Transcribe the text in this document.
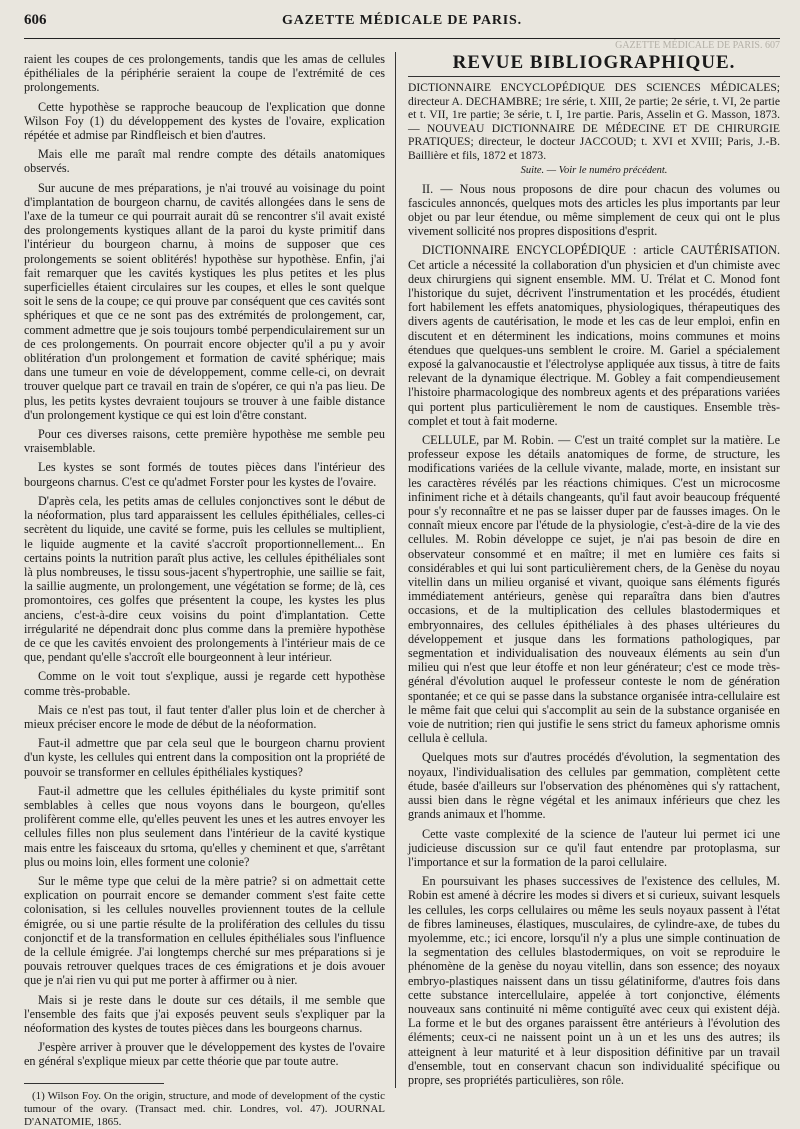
606	GAZETTE MÉDICALE DE PARIS.
GAZETTE MÉDICALE DE PARIS. 607

raient les coupes de ces prolongements, tandis que les amas de cellules épithéliales de la périphérie seraient la coupe de l'extrémité de ces prolongements.

Cette hypothèse se rapproche beaucoup de l'explication que donne Wilson Foy (1) du développement des kystes de l'ovaire, explication répétée et admise par Rindfleisch et bien d'autres.

Mais elle me paraît mal rendre compte des détails anatomiques observés.

Sur aucune de mes préparations, je n'ai trouvé au voisinage du point d'implantation de bourgeon charnu, de cavités allongées dans le sens de l'axe de la tumeur ce qui pourrait aurait dû se rencontrer s'il avait existé des prolongements kystiques allant de la paroi du kyste primitif dans l'intérieur du bourgeon charnu, à moins de supposer que ces prolongements se soient oblitérés! hypothèse sur hypothèse. Enfin, j'ai fait remarquer que les cavités kystiques les plus petites et les plus superficielles étaient circulaires sur les coupes, et elles le sont quelque soit le sens de la coupe; ce qui prouve par conséquent que ces cavités sont sphériques et que ce ne sont pas des extrémités de prolongement, car, comment admettre que je sois toujours tombé perpendiculairement sur un de ces prolongements. On pourrait encore objecter qu'il a pu y avoir oblitération d'un prolongement et formation de cavité sphérique; mais dans une tumeur en voie de développement, comme celle-ci, on devrait trouver quelque part ce travail en train de s'opérer, ce qui n'a pas lieu. De plus, les petits kystes devraient toujours se trouver à une faible distance d'un prolongement kystique ce qui est loin d'être constant.

Pour ces diverses raisons, cette première hypothèse me semble peu vraisemblable.

Les kystes se sont formés de toutes pièces dans l'intérieur des bourgeons charnus. C'est ce qu'admet Forster pour les kystes de l'ovaire.

D'après cela, les petits amas de cellules conjonctives sont le début de la néoformation, plus tard apparaissent les cellules épithéliales, celles-ci secrètent du liquide, une cavité se forme, puis les cellules se multiplient, le liquide augmente et la cavité s'accroît proportionnellement... En certains points la nutrition paraît plus active, les cellules épithéliales sont là plus nombreuses, le tissu sous-jacent s'hypertrophie, une saillie se fait, la saillie augmente, un prolongement, une végétation se forme; de là, ces promontoires, ces golfes que présentent la coupe, les kystes les plus anciens, c'est-à-dire ceux voisins du point d'implantation. Cette irrégularité ne dépendrait donc plus comme dans la première hypothèse de ce que les cavités envoient des prolongements à l'intérieur mais de ce que, pendant qu'elle s'accroît elle bourgeonnent à leur intérieur.

Comme on le voit tout s'explique, aussi je regarde cett hypothèse comme très-probable.

Mais ce n'est pas tout, il faut tenter d'aller plus loin et de chercher à mieux préciser encore le mode de début de la néoformation.

Faut-il admettre que par cela seul que le bourgeon charnu provient d'un kyste, les cellules qui entrent dans la composition ont la propriété de pouvoir se transformer en cellules épithéliales kystiques?

Faut-il admettre que les cellules épithéliales du kyste primitif sont semblables à celles que nous voyons dans le bourgeon, qu'elles prolifèrent comme elle, qu'elles peuvent les unes et les autres envoyer les cellules filles non plus seulement dans l'intérieur de la cavité kystique mais entre les faisceaux du srtoma, qu'elles y cheminent et que, s'arrêtant plus ou moins loin, elles forment une colonie?

Sur le même type que celui de la mère patrie? si on admettait cette explication on pourrait encore se demander comment s'est faite cette colonisation, si les cellules nouvelles proviennent toutes de la cellule émigrée, ou si une partie résulte de la prolifération des cellules du tissu conjonctif et de la transformation en cellules épithéliales sous l'influence de la cellule émigrée. J'ai longtemps cherché sur mes préparations si je pouvais retrouver quelques traces de ces émigrations et je dois avouer que je n'ai rien vu qui put me porter à affirmer ou à nier.

Mais si je reste dans le doute sur ces détails, il me semble que l'ensemble des faits que j'ai exposés peuvent seuls s'expliquer par la néoformation des kystes de toutes pièces dans les bourgeons charnus.

J'espère arriver à prouver que le développement des kystes de l'ovaire en général s'explique mieux par cette théorie que par toute autre.

(1) Wilson Foy. On the origin, structure, and mode of development of the cystic tumour of the ovary. (Transact med. chir. Londres, vol. 47). JOURNAL D'ANATOMIE, 1865.

REVUE BIBLIOGRAPHIQUE.

DICTIONNAIRE ENCYCLOPÉDIQUE DES SCIENCES MÉDICALES; directeur A. DECHAMBRE; 1re série, t. XIII, 2e partie; 2e série, t. VI, 2e partie et t. VII, 1re partie; 3e série, t. I, 1re partie. Paris, Asselin et G. Masson, 1873. — NOUVEAU DICTIONNAIRE DE MÉDECINE ET DE CHIRURGIE PRATIQUES; directeur, le docteur JACCOUD; t. XVI et XVIII; Paris, J.-B. Baillière et fils, 1872 et 1873.

Suite. — Voir le numéro précédent.

II. — Nous nous proposons de dire pour chacun des volumes ou fascicules annoncés, quelques mots des articles les plus importants par leur objet ou par leur étendue, ou même simplement de ceux qui ont le plus vivement sollicité nos propres dispositions d'esprit.

DICTIONNAIRE ENCYCLOPÉDIQUE : article CAUTÉRISATION. Cet article a nécessité la collaboration d'un physicien et d'un chimiste avec deux chirurgiens qui signent ensemble. MM. U. Trélat et C. Monod font l'historique du sujet, décrivent l'instrumentation et les procédés, étudient fort habilement les effets anatomiques, physiologiques, thérapeutiques des divers agents de cautérisation, le mode et les cas de leur emploi, enfin en discutent et en déterminent les indications, moins communes et moins étendues que quelques-uns semblent le croire. M. Gariel a spécialement exposé la galvanocaustie et l'électrolyse appliquée aux tissus, à titre de faits relevant de la dynamique électrique. M. Gobley a fait compendieusement l'histoire pharmacologique des nombreux agents et des préparations variées qui portent plus particulièrement le nom de caustiques. Ensemble très-complet et tout à fait moderne.

CELLULE, par M. Robin. — C'est un traité complet sur la matière. Le professeur expose les détails anatomiques de forme, de structure, les modifications variées de la cellule vivante, malade, morte, en insistant sur les caractères révélés par les réactions chimiques. C'est un microcosme infiniment riche et à détails changeants, qu'il faut avoir beaucoup fréquenté pour s'y reconnaître et ne pas se laisser duper par de fausses images. On le connaît mieux encore par l'étude de la physiologie, c'est-à-dire de la vie des cellules. M. Robin développe ce sujet, je n'ai pas besoin de dire en observateur consommé et en maître; il met en lumière ces faits si considérables et qui lui sont particulièrement chers, de la Genèse du noyau vitellin dans un milieu organisé et vivant, quoique sans éléments figurés immédiatement antérieurs, genèse qui reparaîtra dans bien d'autres occasions, et de la multiplication des cellules blastodermiques et embryonnaires, des cellules épithéliales à des phases ultérieures du développement et jusque dans les formations pathologiques, par segmentation et individualisation des nouveaux éléments au sein d'un milieu qui n'est que leur étoffe et non leur générateur; c'est ce mode très-général d'évolution auquel le professeur conteste le nom de génération spontanée; et ce qui se passe dans la substance organisée intra-cellulaire est le même fait que celui qui s'accomplit au sein de la substance organisée en voie de nutrition; rien qui justifie le sens strict du fameux aphorisme omnis cellula è cellula.

Quelques mots sur d'autres procédés d'évolution, la segmentation des noyaux, l'individualisation des cellules par gemmation, complètent cette étude, basée d'ailleurs sur l'observation des phénomènes qui s'y rattachent, aussi bien dans le règne végétal et les animaux inférieurs que chez les grands animaux et l'homme.

Cette vaste complexité de la science de l'auteur lui permet ici une judicieuse discussion sur ce qu'il faut entendre par protoplasma, sur l'importance et sur la formation de la paroi cellulaire.

En poursuivant les phases successives de l'existence des cellules, M. Robin est amené à décrire les modes si divers et si curieux, suivant lesquels les cellules, les corps cellulaires ou même les seuls noyaux passent à l'état de fibres lamineuses, élastiques, musculaires, de cylindre-axe, de tubes du myolemme, etc.; ici encore, lorsqu'il n'y a plus une simple continuation de la segmentation des cellules blastodermiques, on voit se reproduire le phénomène de la genèse du noyau vitellin, dans son essence; des noyaux embryo-plastiques naissent dans un tissu gélatiniforme, d'autres fois dans cette substance intercellulaire, appelée à tort conjonctive, éléments nouveaux sans continuité ni même contiguïté avec ceux qui existent déjà. La forme et le but des organes paraissent être antérieurs à l'évolution des éléments; ceux-ci ne naissent point un à un et les uns des autres; ils atteignent à leur maturité et à leur disposition définitive par un travail d'ensemble, tout en conservant chacun son individualité spécifique ou propre, ses propriétés particulières, son rôle.
